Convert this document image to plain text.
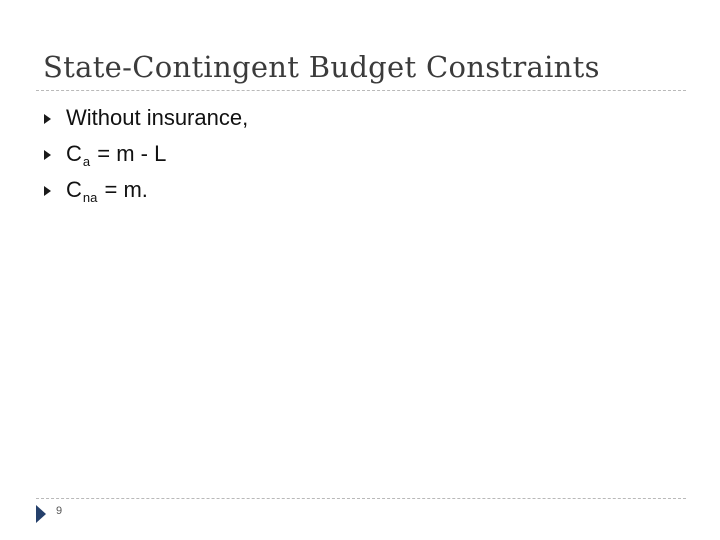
State-Contingent Budget Constraints
Without insurance,
$C_a = m - L$
$C_{na} = m$.
9
